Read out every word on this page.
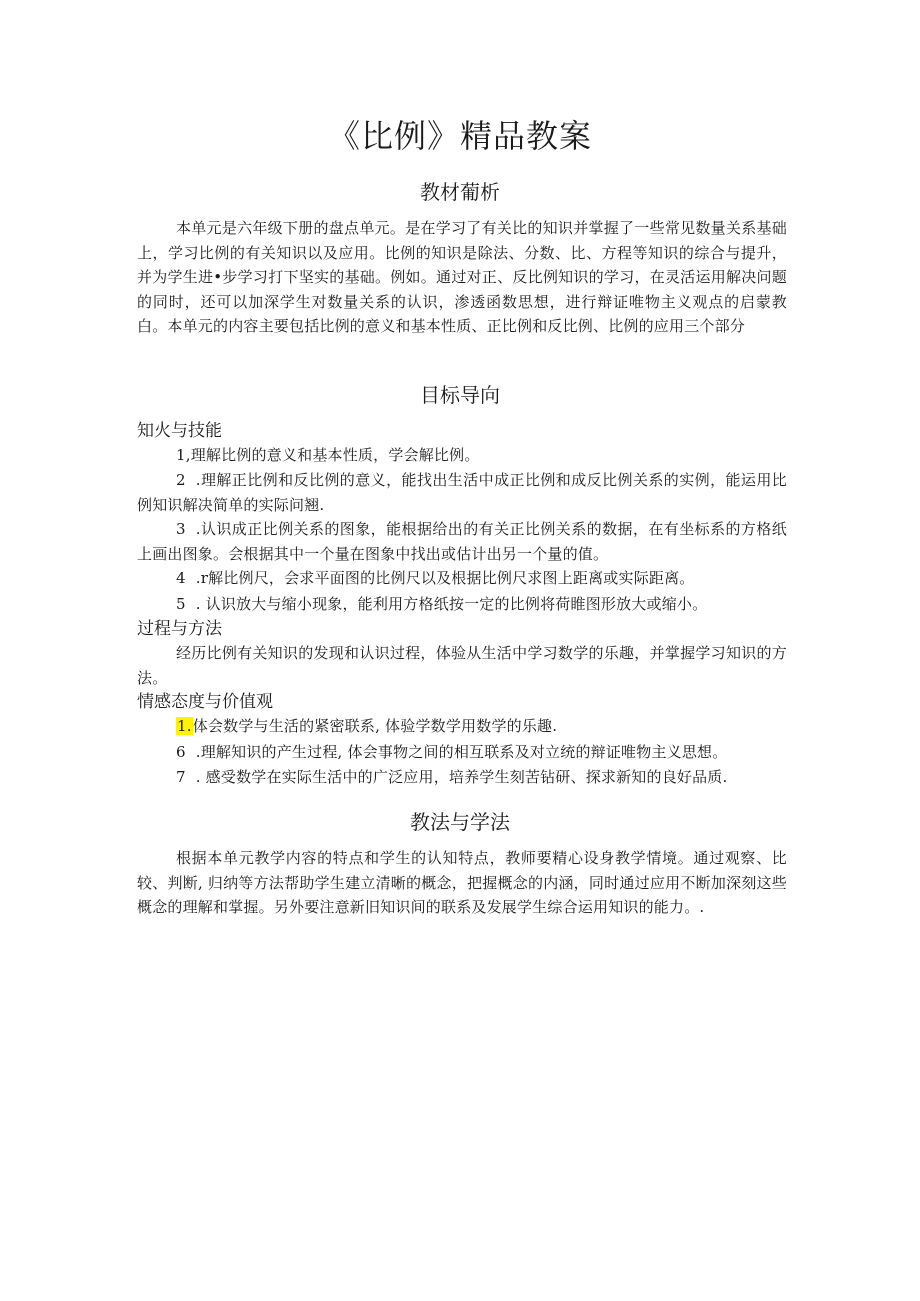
《比例》精品教案
教材葡析

本单元是六年级下册的盘点单元。是在学习了有关比的知识并掌握了一些常见数量关系基础上，学习比例的有关知识以及应用。比例的知识是除法、分数、比、方程等知识的综合与提升，并为学生进•步学习打下坚实的基础。例如。通过对正、反比例知识的学习，在灵活运用解决问题的同时，还可以加深学生对数量关系的认识，渗透函数思想，进行辩证唯物主义观点的启蒙教白。本单元的内容主要包括比例的意义和基本性质、正比例和反比例、比例的应用三个部分

目标导向
知火与技能

1,理解比例的意义和基本性质，学会解比例。

2 .理解正比例和反比例的意义，能找出生活中成正比例和成反比例关系的实例，能运用比例知识解决简单的实际问翘.

3 .认识成正比例关系的图象，能根据给出的有关正比例关系的数据，在有坐标系的方格纸上画出图象。会根据其中一个量在图象中找出或估计出另一个量的值。

4 .r解比例尺，会求平面图的比例尺以及根据比例尺求图上距离或实际距离。

5 . 认识放大与缩小现象，能利用方格纸按一定的比例将荷睢图形放大或缩小。

过程与方法

经历比例有关知识的发现和认识过程，体验从生活中学习数学的乐趣，并掌握学习知识的方法。

情感态度与价值观

1.体会数学与生活的紧密联系, 体验学数学用数学的乐趣.

6 .理解知识的产生过程, 体会事物之间的相互联系及对立统的辩证唯物主义思想。

7 . 感受数学在实际生活中的广泛应用，培养学生刻苦钻研、探求新知的良好品质.

教法与学法

根据本单元教学内容的特点和学生的认知特点，教师要精心设身教学情境。通过观察、比较、判断, 归纳等方法帮助学生建立清晰的概念，把握概念的内涵，同时通过应用不断加深刻这些概念的理解和掌握。另外要注意新旧知识间的联系及发展学生综合运用知识的能力。.
